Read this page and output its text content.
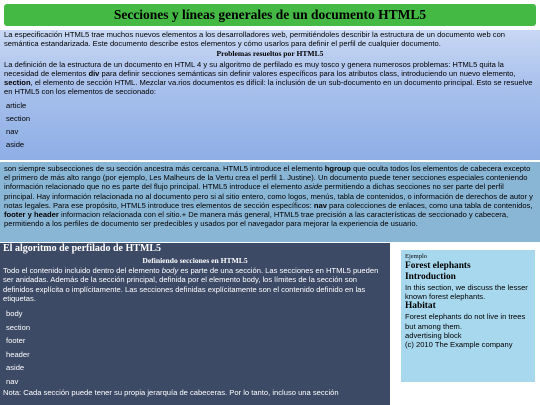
Secciones y líneas generales de un documento HTML5

La especificación HTML5 trae muchos nuevos elementos a los desarrolladores web, permitiéndoles describir la estructura de un documento web con semántica estandarizada. Este documento describe estos elementos y cómo usarlos para definir el perfil de cualquier documento.

Problemas resueltos por HTML5

La definición de la estructura de un documento en HTML 4 y su algoritmo de perfilado es muy tosco y genera numerosos problemas: HTML5 quita la necesidad de elementos div para definir secciones semánticas sin definir valores específicos para los atributos class, introduciendo un nuevo elemento, section, el elemento de sección HTML. Mezclar va.rios documentos es difícil: la inclusión de un sub-documento en un documento principal. Esto se resuelve en HTML5 con los elementos de seccionado:

article
section
nav
aside

son siempre subsecciones de su sección ancestra más cercana. HTML5 introduce el elemento hgroup que oculta todos los elementos de cabecera excepto el primero de más alto rango (por ejemplo, Les Malheurs de la Vertu crea el perfil 1. Justine). Un documento puede tener secciones especiales conteniendo información relacionado que no es parte del flujo principal. HTML5 introduce el elemento aside permitiendo a dichas secciones no ser parte del perfil principal. Hay información relacionada no al documento pero si al sitio entero, como logos, menús, tabla de contenidos, o información de derechos de autor y notas legales. Para ese propósito, HTML5 introduce tres elementos de sección específicos: nav para colecciones de enlaces, como una tabla de contenidos, footer y header informacion relacionada con el sitio.+ De manera más general, HTML5 trae precisión a las características de seccionado y cabecera, permitiendo a los perfiles de documento ser predecibles y usados por el navegador para mejorar la experiencia de usuario.

El algoritmo de perfilado de HTML5
Definiendo secciones en HTML5

Todo el contenido incluido dentro del elemento body es parte de una sección. Las secciones en HTML5 pueden ser anidadas. Además de la sección principal, definida por el elemento body, los límites de la sección son definidos explícita o implícitamente. Las secciones definidas explícitamente son el contenido definido en las etiquetas.

body
section
footer
header
aside
nav

Nota: Cada sección puede tener su propia jerarquía de cabeceras. Por lo tanto, incluso una sección

Ejemplo
Forest elephants
Introduction

In this section, we discuss the lesser known forest elephants.

Habitat

Forest elephants do not live in trees but among them.

advertising block

(c) 2010 The Example company
